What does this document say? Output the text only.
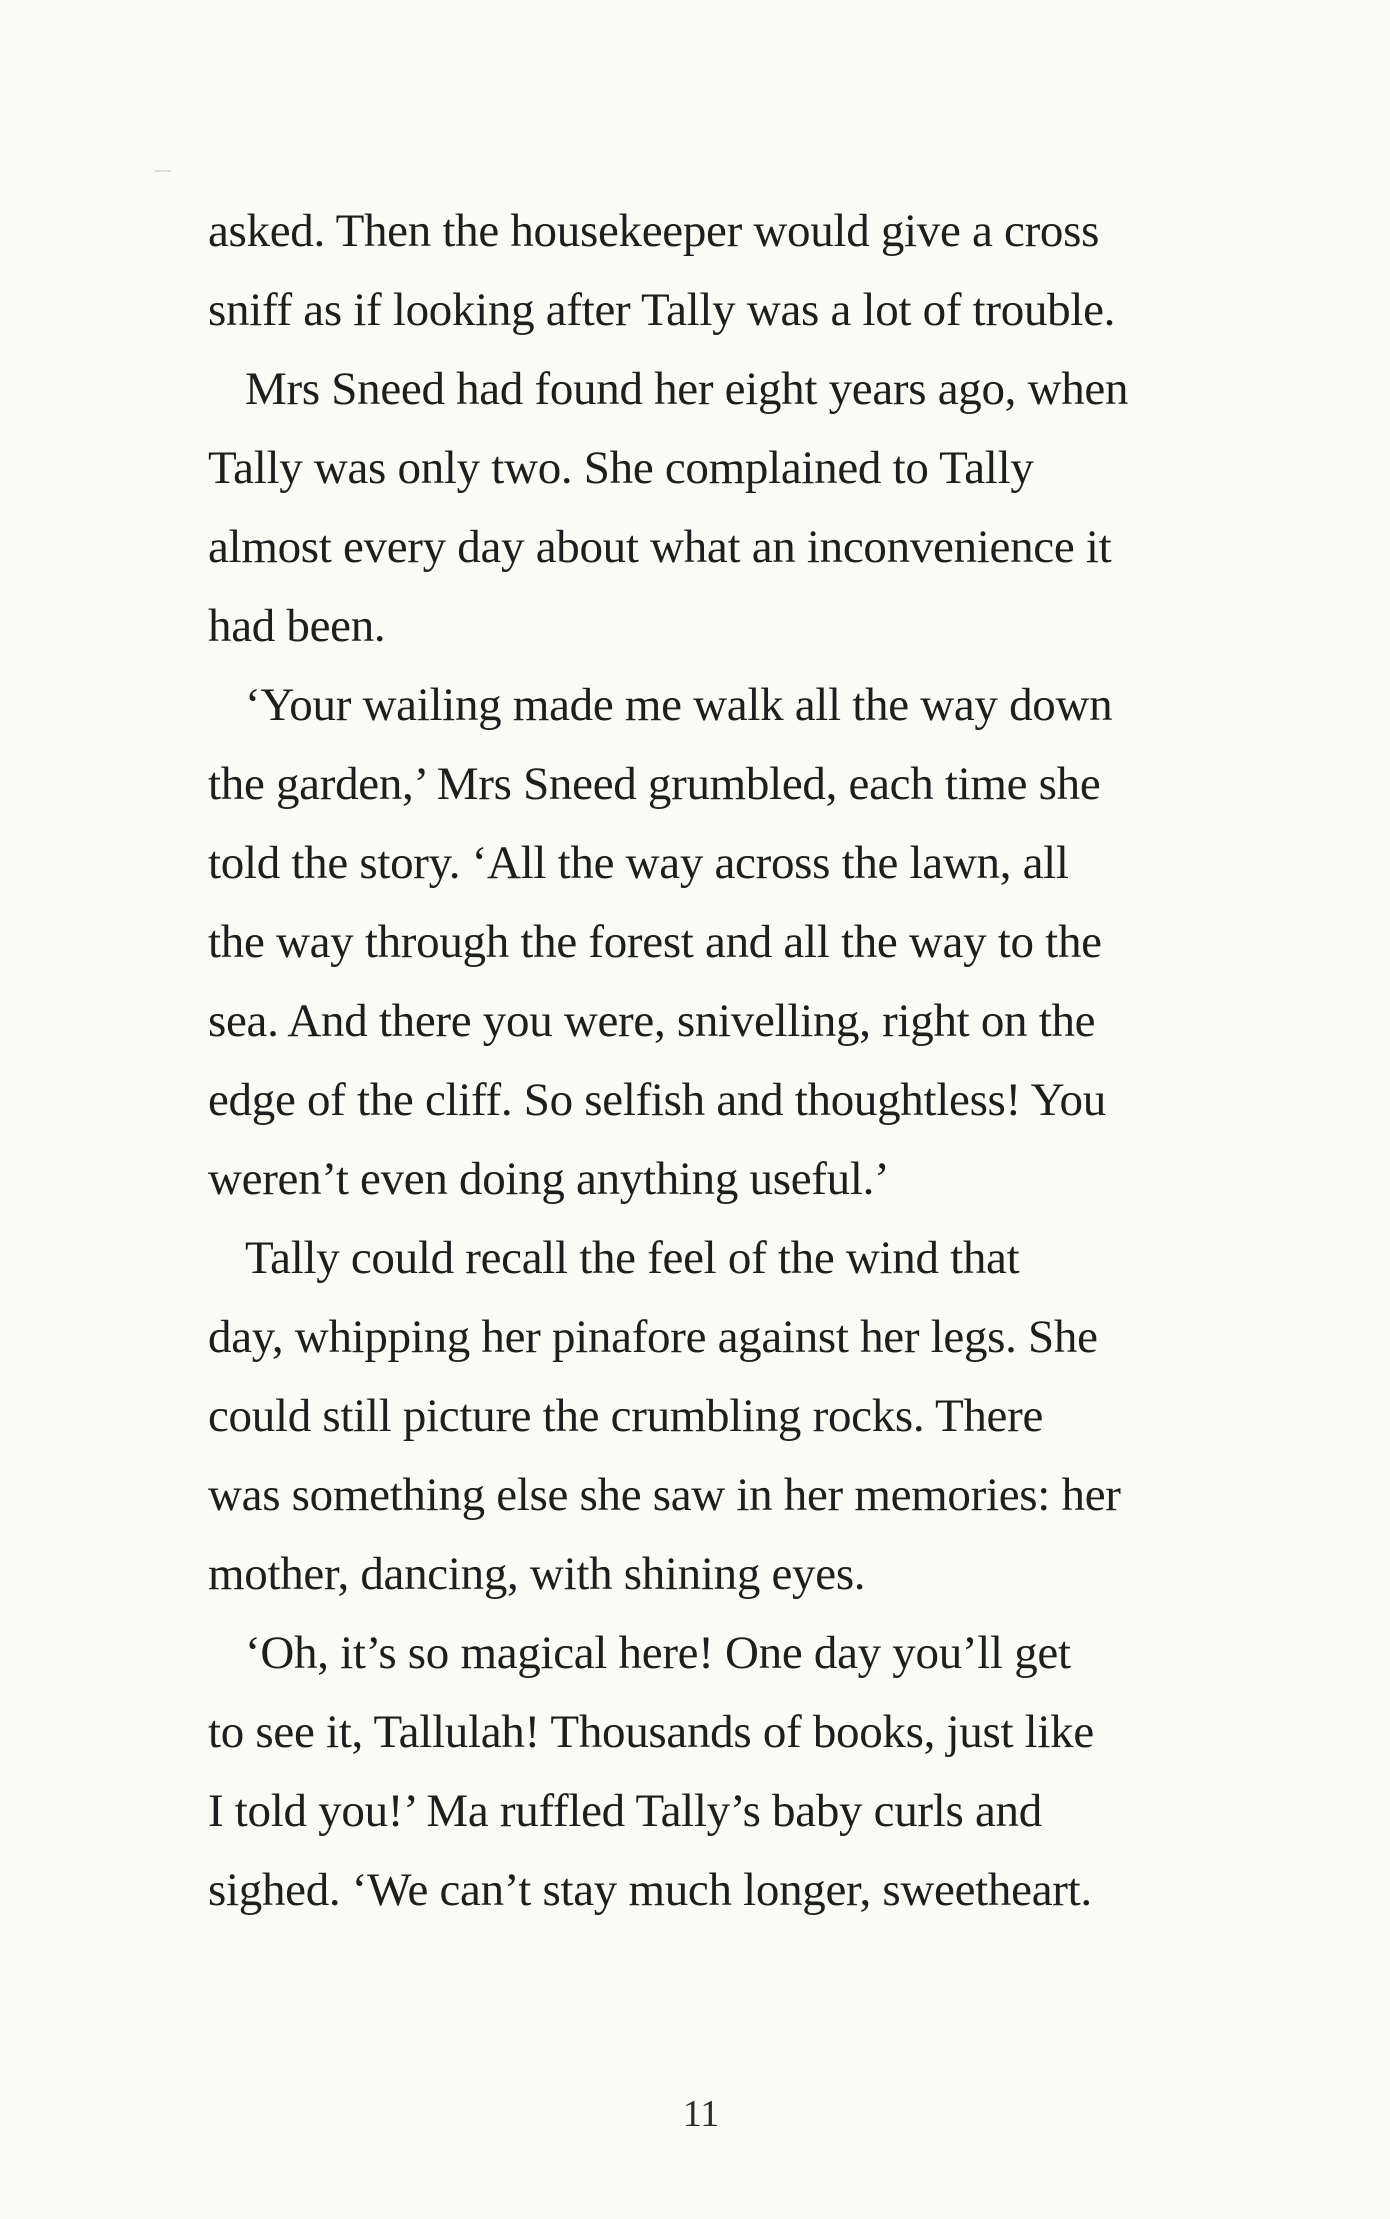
asked. Then the housekeeper would give a cross
sniff as if looking after Tally was a lot of trouble.
Mrs Sneed had found her eight years ago, when
Tally was only two. She complained to Tally
almost every day about what an inconvenience it
had been.
‘Your wailing made me walk all the way down
the garden,’ Mrs Sneed grumbled, each time she
told the story. ‘All the way across the lawn, all
the way through the forest and all the way to the
sea. And there you were, snivelling, right on the
edge of the cliff. So selfish and thoughtless! You
weren’t even doing anything useful.’
Tally could recall the feel of the wind that
day, whipping her pinafore against her legs. She
could still picture the crumbling rocks. There
was something else she saw in her memories: her
mother, dancing, with shining eyes.
‘Oh, it’s so magical here! One day you’ll get
to see it, Tallulah! Thousands of books, just like
I told you!’ Ma ruffled Tally’s baby curls and
sighed. ‘We can’t stay much longer, sweetheart.
11
